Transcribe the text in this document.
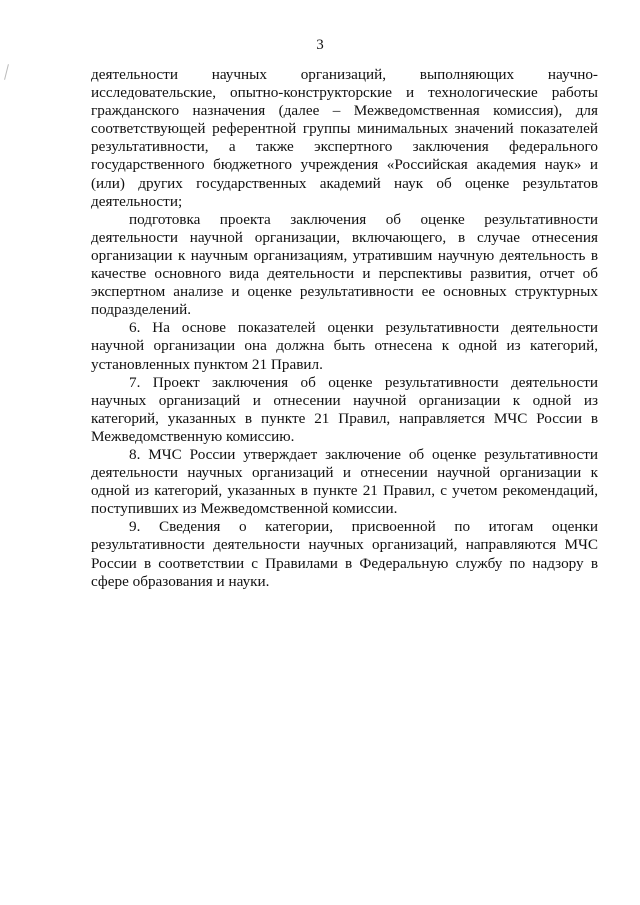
3

деятельности научных организаций, выполняющих научно-исследовательские, опытно-конструкторские и технологические работы гражданского назначения (далее – Межведомственная комиссия), для соответствующей референтной группы минимальных значений показателей результативности, а также экспертного заключения федерального государственного бюджетного учреждения «Российская академия наук» и (или) других государственных академий наук об оценке результатов деятельности;

подготовка проекта заключения об оценке результативности деятельности научной организации, включающего, в случае отнесения организации к научным организациям, утратившим научную деятельность в качестве основного вида деятельности и перспективы развития, отчет об экспертном анализе и оценке результативности ее основных структурных подразделений.

6. На основе показателей оценки результативности деятельности научной организации она должна быть отнесена к одной из категорий, установленных пунктом 21 Правил.

7. Проект заключения об оценке результативности деятельности научных организаций и отнесении научной организации к одной из категорий, указанных в пункте 21 Правил, направляется МЧС России в Межведомственную комиссию.

8. МЧС России утверждает заключение об оценке результативности деятельности научных организаций и отнесении научной организации к одной из категорий, указанных в пункте 21 Правил, с учетом рекомендаций, поступивших из Межведомственной комиссии.

9. Сведения о категории, присвоенной по итогам оценки результативности деятельности научных организаций, направляются МЧС России в соответствии с Правилами в Федеральную службу по надзору в сфере образования и науки.
